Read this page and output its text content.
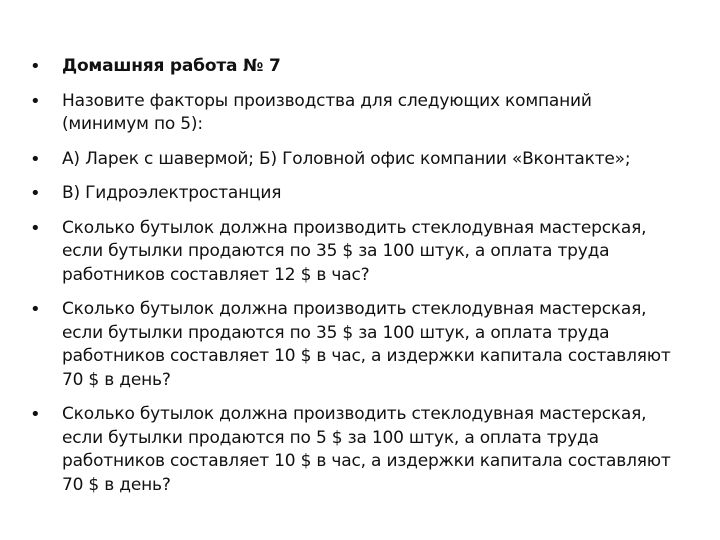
• Домашняя работа № 7
• Назовите факторы производства для следующих компаний
(минимум по 5):
• А) Ларек с шавермой; Б) Головной офис компании «Вконтакте»;
• В) Гидроэлектростанция
• Сколько бутылок должна производить стеклодувная мастерская,
если бутылки продаются по 35 $ за 100 штук, а оплата труда
работников составляет 12 $ в час?
• Сколько бутылок должна производить стеклодувная мастерская,
если бутылки продаются по 35 $ за 100 штук, а оплата труда
работников составляет 10 $ в час, а издержки капитала составляют
70 $ в день?
• Сколько бутылок должна производить стеклодувная мастерская,
если бутылки продаются по 5 $ за 100 штук, а оплата труда
работников составляет 10 $ в час, а издержки капитала составляют
70 $ в день?
